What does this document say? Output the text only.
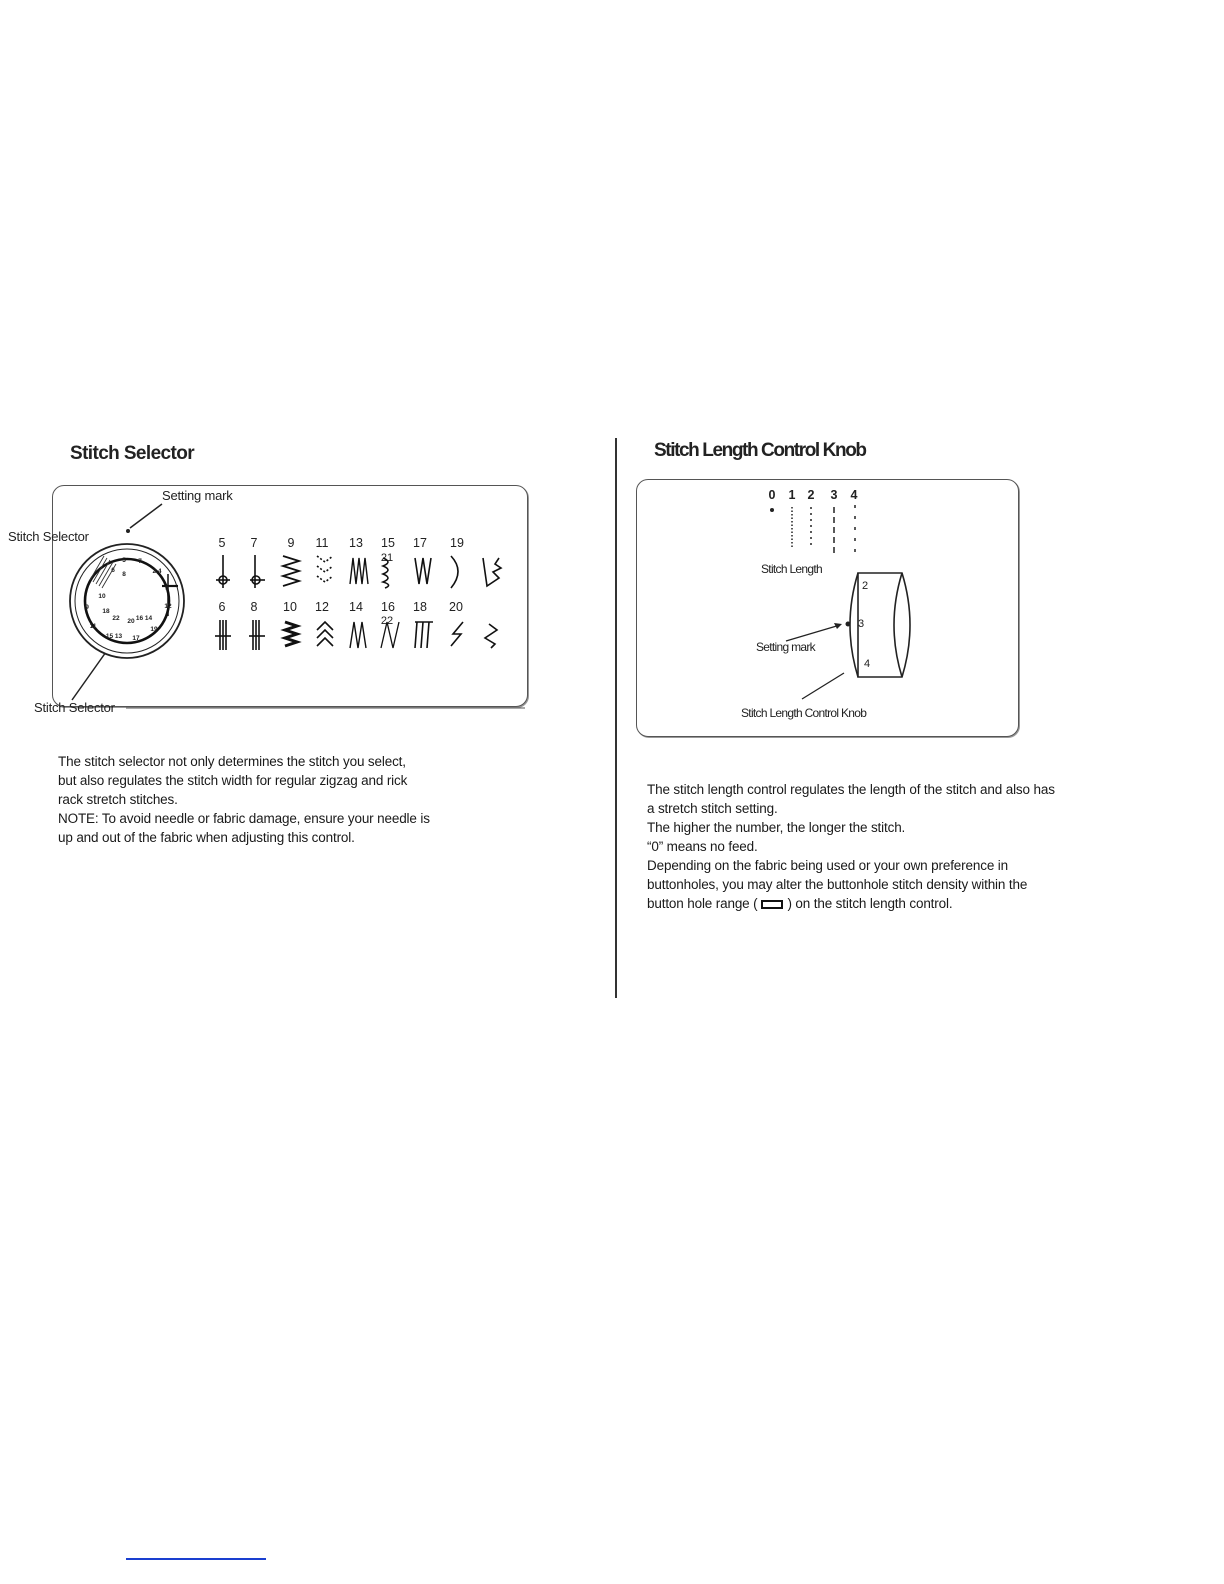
Stitch Selector
Setting mark
Stitch Selector
Stitch Selector
5 7
2.4
3
12
19
17
15 13
11
9
10
18
22 20 16 14
6
8
5	7	9	11	13	15	17	19
21
6	8	10	12	14	16	18	20
22

The stitch selector not only determines the stitch you select,

but also regulates the stitch width for regular zigzag and rick

rack stretch stitches.

NOTE: To avoid needle or fabric damage, ensure your needle is

up and out of the fabric when adjusting this control.

Stitch Length Control Knob
0	1 2	3	4
Stitch Length
Setting mark
Stitch Length Control Knob
2
3
4

The stitch length control regulates the length of the stitch and also has

a stretch stitch setting.

The higher the number, the longer the stitch.

“0” means no feed.

Depending on the fabric being used or your own preference in

buttonholes, you may alter the buttonhole stitch density within the

button hole range ( ) on the stitch length control.
